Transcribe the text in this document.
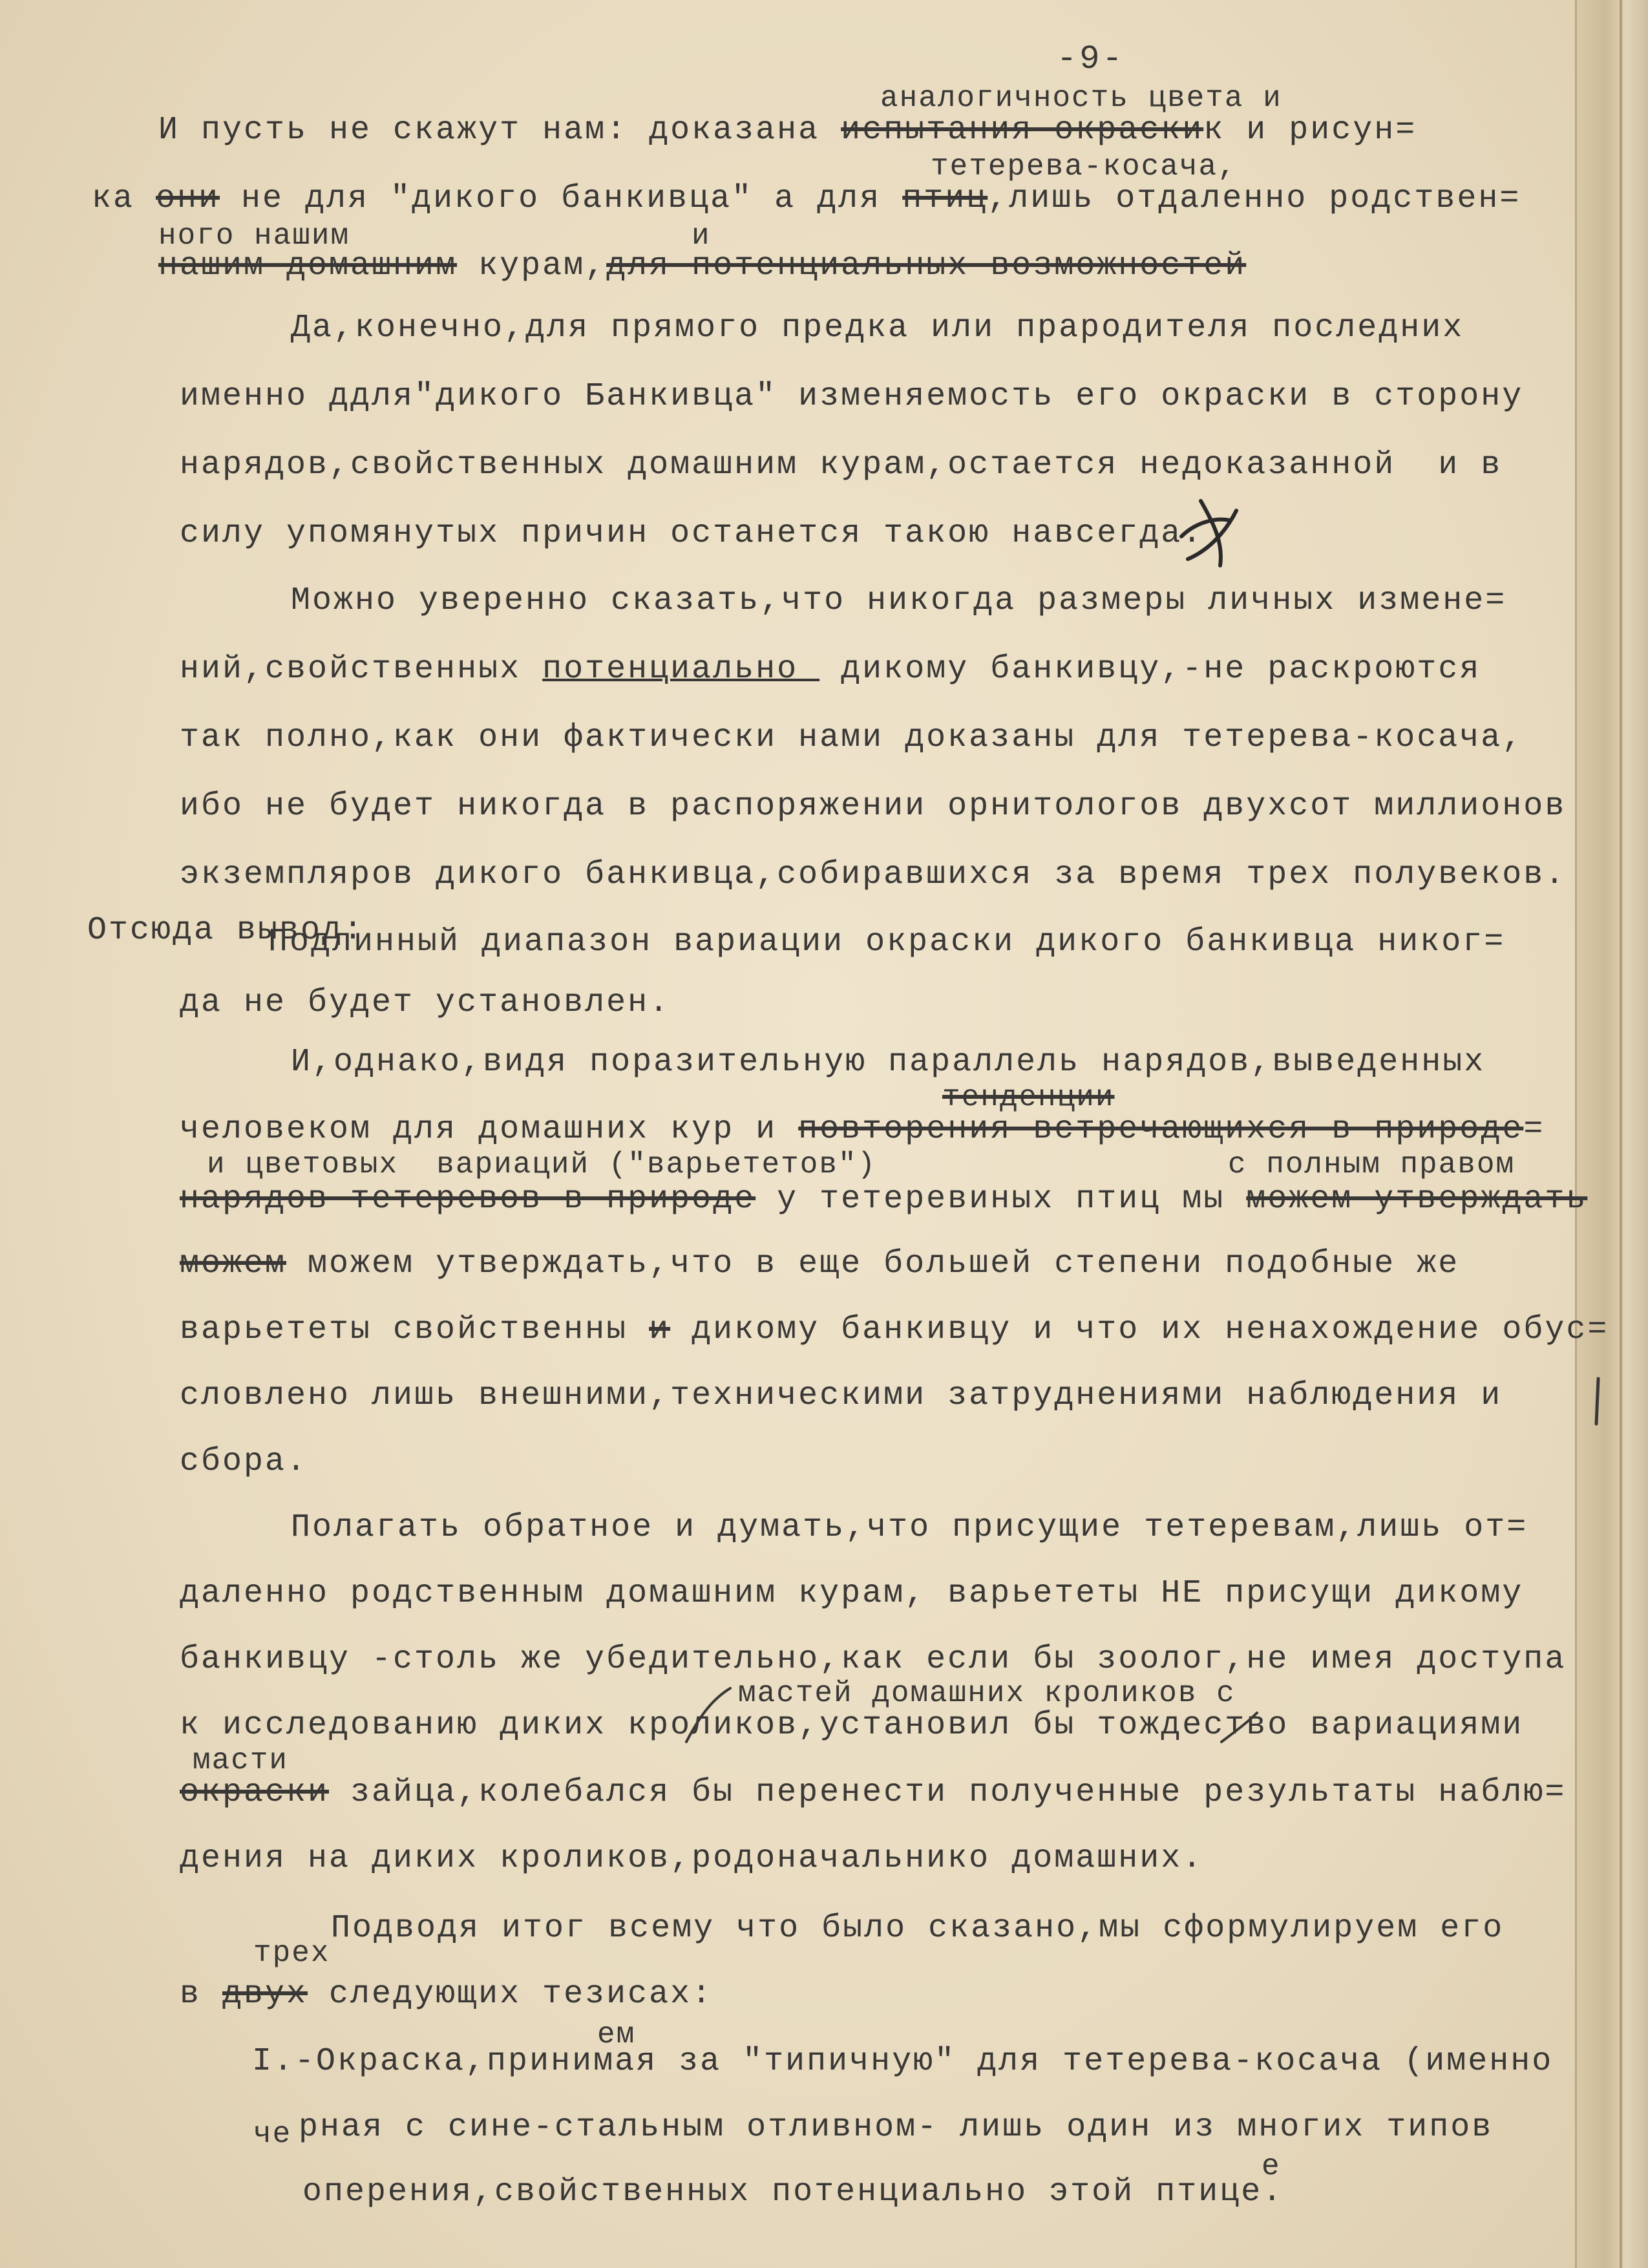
-9-
аналогичность цвета и
И пусть не скажут нам: доказана испытания окраскик и рисун=
тетерева-косача,
ка они не для "дикого банкивца" а для птиц,лишь отдаленно родствен=
ного нашим	и
нашим домашним курам,для потенциальных возможностей
Да,конечно,для прямого предка или прародителя последних
именно ддля"дикого Банкивца" изменяемость его окраски в сторону
нарядов,свойственных домашним курам,остается недоказанной  и в
силу упомянутых причин останется такою навсегда.
Можно уверенно сказать,что никогда размеры личных измене=
ний,свойственных потенциально  дикому банкивцу,-не раскроются
так полно,как они фактически нами доказаны для тетерева-косача,
ибо не будет никогда в распоряжении орнитологов двухсот миллионов
экземпляров дикого банкивца,собиравшихся за время трех полувеков.
Отсюда вывод:
Подлинный диапазон вариации окраски дикого банкивца никог=
да не будет установлен.
И,однако,видя поразительную параллель нарядов,выведенных
тенденции
человеком для домашних кур и повторения встречающихся в природе=
и цветовых  вариаций ("варьететов")	с полным правом
нарядов тетеревов в природе у тетеревиных птиц мы можем утверждать
можем можем утверждать,что в еще большей степени подобные же
варьететы свойственны и дикому банкивцу и что их ненахождение обус=
словлено лишь внешними,техническими затруднениями наблюдения и
сбора.
Полагать обратное и думать,что присущие тетеревам,лишь от=
даленно родственным домашним курам, варьететы НЕ присущи дикому
банкивцу -столь же убедительно,как если бы зоолог,не имея доступа
мастей домашних кроликов с
к исследованию диких кроликов,установил бы тождество вариациями
масти
окраски зайца,колебался бы перенести полученные результаты наблю=
дения на диких кроликов,родоначальнико домашних.
Подводя итог всему что было сказано,мы сформулируем его
трех
в двух следующих тезисах:
ем
I.-Окраска,принимая за "типичную" для тетерева-косача (именно
че рная с сине-стальным отливном- лишь один из многих типов
оперения,свойственных потенциально этой птицe.
е
